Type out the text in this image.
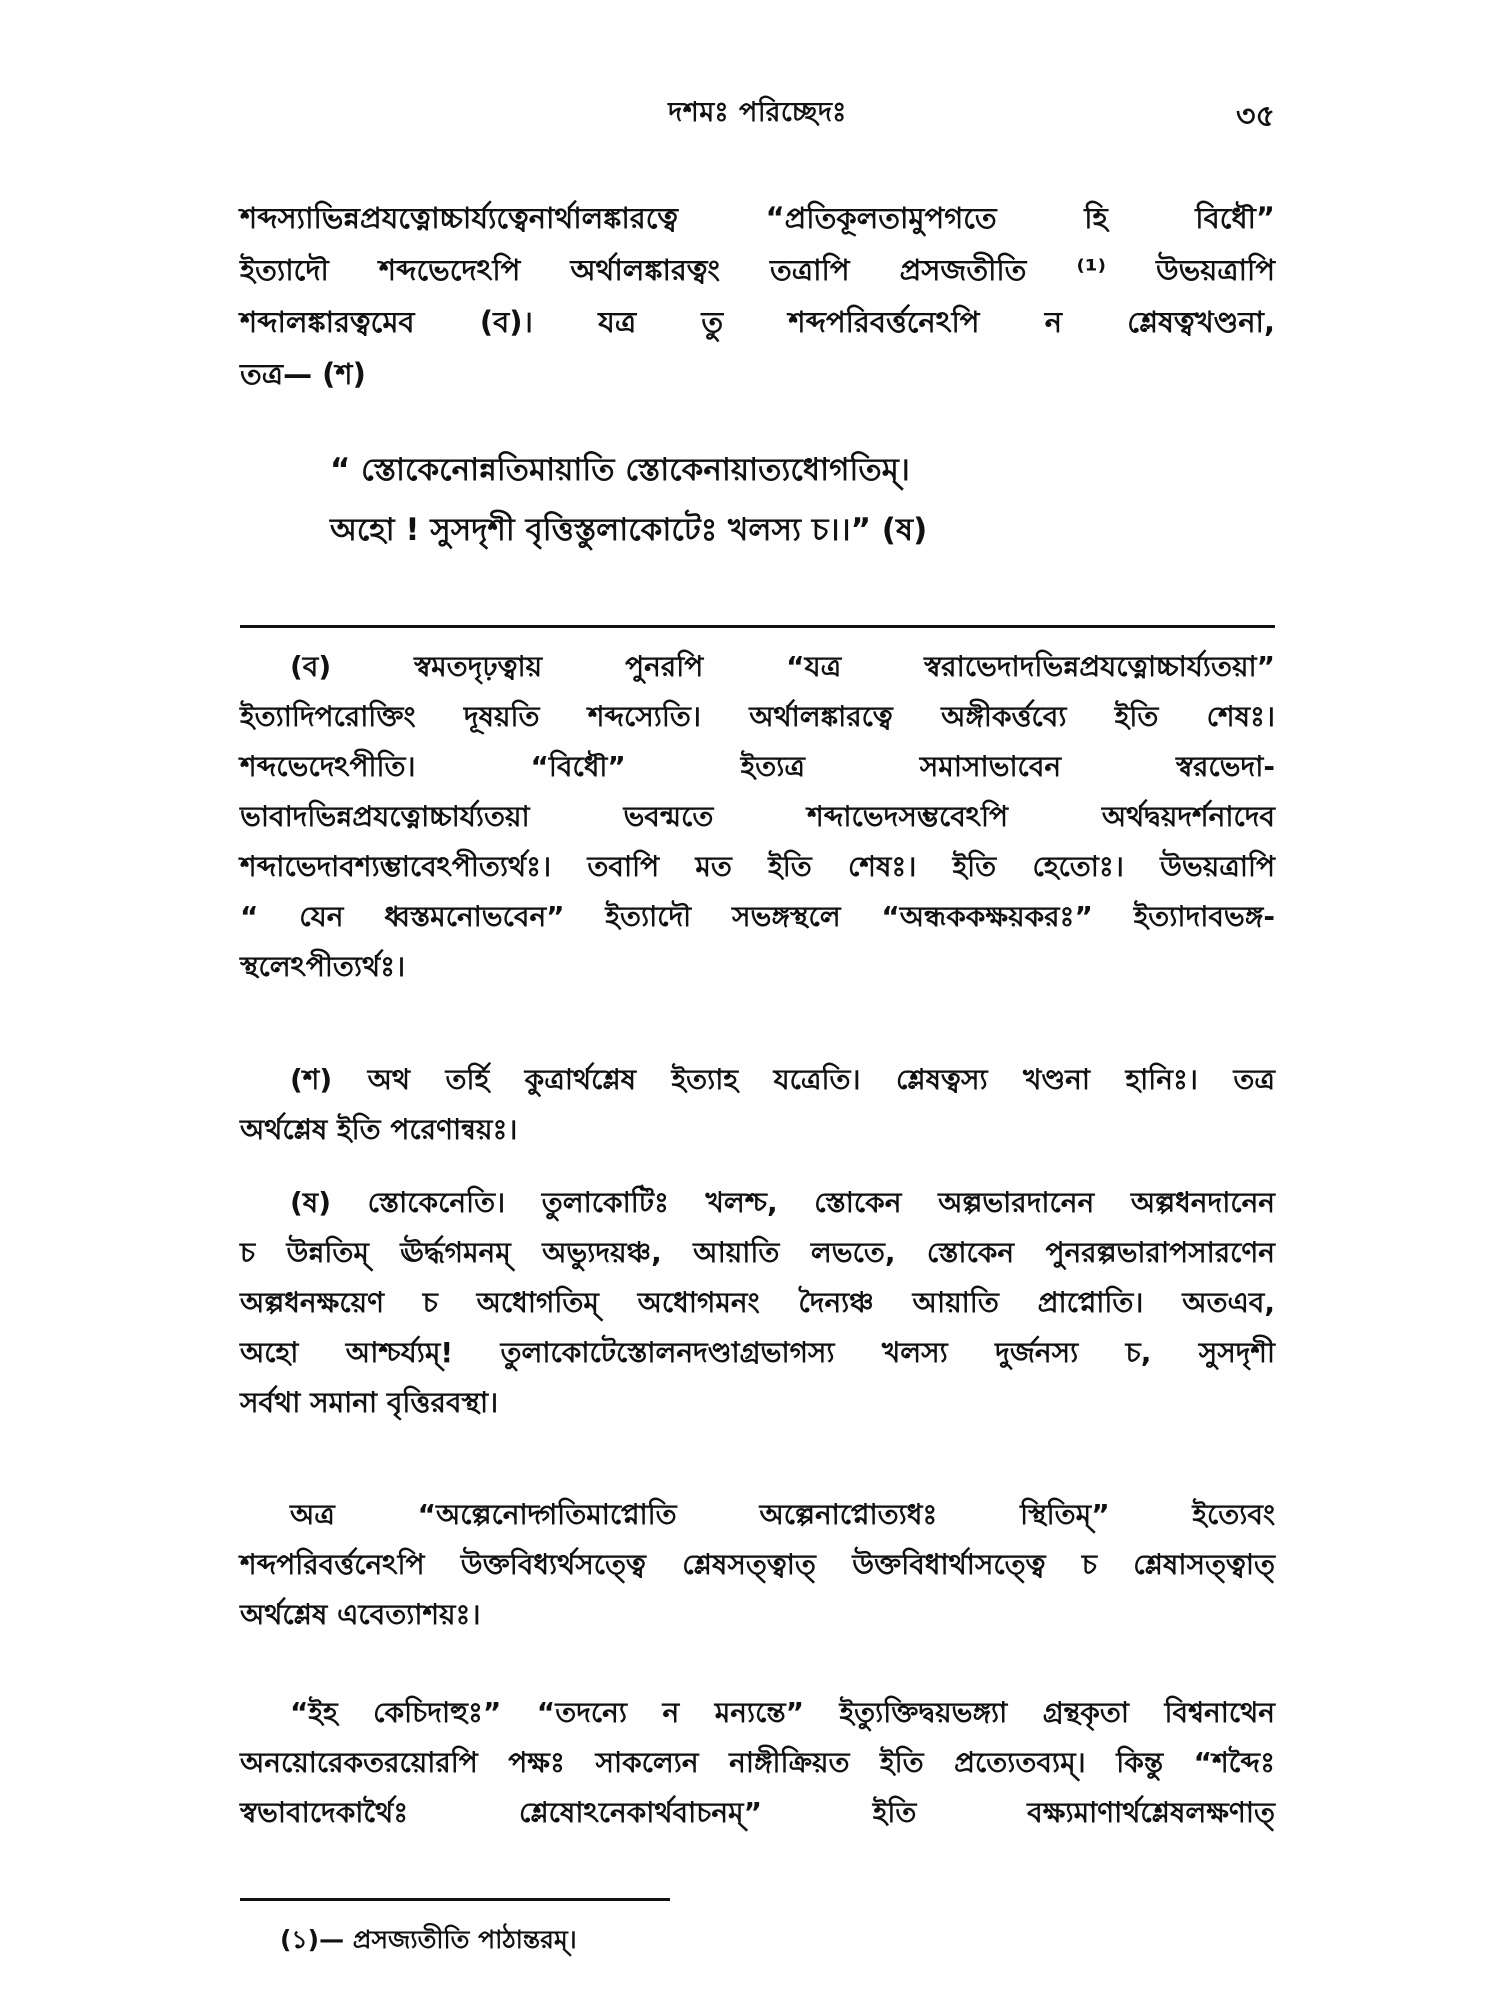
দশমঃ পরিচ্ছেদঃ	৩৫
শব্দস্যাভিন্নপ্রযত্নোচ্চার্য্যত্বেনার্থালঙ্কারত্বে “প্রতিকূলতামুপগতে হি বিধৌ”
ইত্যাদৌ শব্দভেদেঽপি অর্থালঙ্কারত্বং তত্রাপি প্রসজতীতি ⁽¹⁾ উভয়ত্রাপি
শব্দালঙ্কারত্বমেব (ব)। যত্র তু শব্দপরিবর্ত্তনেঽপি ন শ্লেষত্বখণ্ডনা,
তত্র— (শ)
“ স্তোকেনোন্নতিমায়াতি স্তোকেনায়াত্যধোগতিম্।
অহো ! সুসদৃশী বৃত্তিস্তুলাকোটেঃ খলস্য চ।।” (ষ)
(ব) স্বমতদৃঢ়ত্বায় পুনরপি “যত্র স্বরাভেদাদভিন্নপ্রযত্নোচ্চার্য্যতয়া”
ইত্যাদিপরোক্তিং দূষয়তি শব্দস্যেতি। অর্থালঙ্কারত্বে অঙ্গীকর্ত্তব্যে ইতি শেষঃ।
শব্দভেদেঽপীতি। “বিধৌ” ইত্যত্র সমাসাভাবেন স্বরভেদা-
ভাবাদভিন্নপ্রযত্নোচ্চার্য্যতয়া ভবন্মতে শব্দাভেদসম্ভবেঽপি অর্থদ্বয়দর্শনাদেব
শব্দাভেদাবশ্যম্ভাবেঽপীত্যর্থঃ। তবাপি মত ইতি শেষঃ। ইতি হেতোঃ। উভয়ত্রাপি
“ যেন ধ্বস্তমনোভবেন” ইত্যাদৌ সভঙ্গস্থলে “অন্ধককক্ষয়করঃ” ইত্যাদাবভঙ্গ-
স্থলেঽপীত্যর্থঃ।
(শ) অথ তর্হি কুত্রার্থশ্লেষ ইত্যাহ যত্রেতি। শ্লেষত্বস্য খণ্ডনা হানিঃ। তত্র
অর্থশ্লেষ ইতি পরেণান্বয়ঃ।
(ষ) স্তোকেনেতি। তুলাকোটিঃ খলশ্চ, স্তোকেন অল্পভারদানেন অল্পধনদানেন
চ উন্নতিম্ ঊর্দ্ধগমনম্ অভ্যুদয়ঞ্চ, আয়াতি লভতে, স্তোকেন পুনরল্পভারাপসারণেন
অল্পধনক্ষয়েণ চ অধোগতিম্ অধোগমনং দৈন্যঞ্চ আয়াতি প্রাপ্নোতি। অতএব,
অহো আশ্চর্য্যম্! তুলাকোটেস্তোলনদণ্ডাগ্রভাগস্য খলস্য দুর্জনস্য চ, সুসদৃশী
সর্বথা সমানা বৃত্তিরবস্থা।
অত্র “অল্পেনোদ্গতিমাপ্নোতি অল্পেনাপ্নোত্যধঃ স্থিতিম্” ইত্যেবং
শব্দপরিবর্ত্তনেঽপি উক্তবিধ্যর্থসত্ত্বে শ্লেষসত্ত্বাত্ উক্তবিধার্থাসত্ত্বে চ শ্লেষাসত্ত্বাত্
অর্থশ্লেষ এবেত্যাশয়ঃ।
“ইহ কেচিদাহুঃ” “তদন্যে ন মন্যন্তে” ইত্যুক্তিদ্বয়ভঙ্গ্যা গ্রন্থকৃতা বিশ্বনাথেন
অনয়োরেকতরয়োরপি পক্ষঃ সাকল্যেন নাঙ্গীক্রিয়ত ইতি প্রত্যেতব্যম্। কিন্তু “শব্দৈঃ
স্বভাবাদেকার্থৈঃ শ্লেষোঽনেকার্থবাচনম্” ইতি বক্ষ্যমাণার্থশ্লেষলক্ষণাত্
(১)— প্রসজ্যতীতি পাঠান্তরম্।
